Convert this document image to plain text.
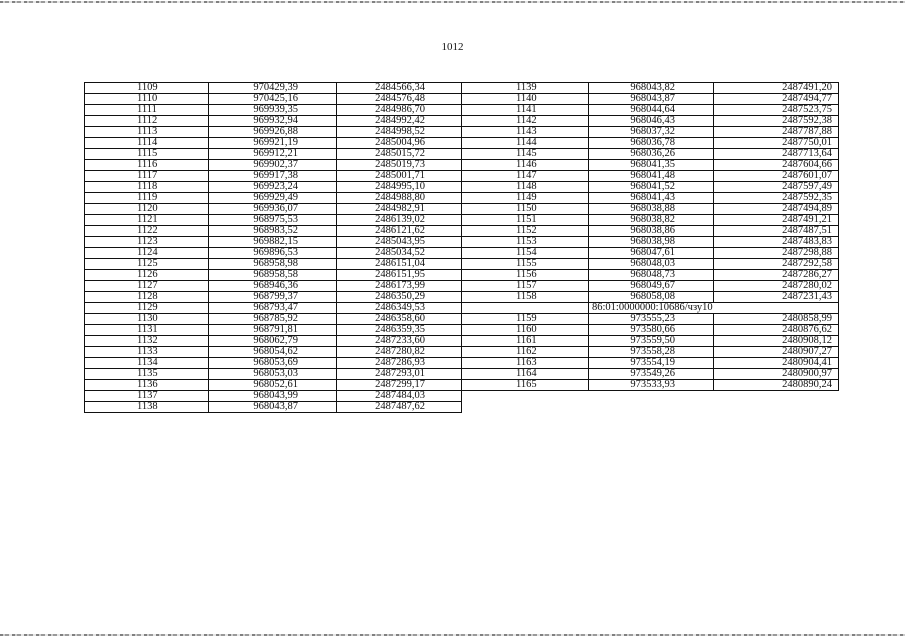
1012
1109	970429,39	2484566,34	1139	968043,82	2487491,20
1110	970425,16	2484576,48	1140	968043,87	2487494,77
1111	969939,35	2484986,70	1141	968044,64	2487523,75
1112	969932,94	2484992,42	1142	968046,43	2487592,38
1113	969926,88	2484998,52	1143	968037,32	2487787,88
1114	969921,19	2485004,96	1144	968036,78	2487750,01
1115	969912,21	2485015,72	1145	968036,26	2487713,64
1116	969902,37	2485019,73	1146	968041,35	2487604,66
1117	969917,38	2485001,71	1147	968041,48	2487601,07
1118	969923,24	2484995,10	1148	968041,52	2487597,49
1119	969929,49	2484988,80	1149	968041,43	2487592,35
1120	969936,07	2484982,91	1150	968038,88	2487494,89
1121	968975,53	2486139,02	1151	968038,82	2487491,21
1122	968983,52	2486121,62	1152	968038,86	2487487,51
1123	969882,15	2485043,95	1153	968038,98	2487483,83
1124	969896,53	2485034,52	1154	968047,61	2487298,88
1125	968958,98	2486151,04	1155	968048,03	2487292,58
1126	968958,58	2486151,95	1156	968048,73	2487286,27
1127	968946,36	2486173,99	1157	968049,67	2487280,02
1128	968799,37	2486350,29	1158	968058,08	2487231,43
1129	968793,47	2486349,53		86:01:0000000:10686/чзу10	
1130	968785,92	2486358,60	1159	973555,23	2480858,99
1131	968791,81	2486359,35	1160	973580,66	2480876,62
1132	968062,79	2487233,60	1161	973559,50	2480908,12
1133	968054,62	2487280,82	1162	973558,28	2480907,27
1134	968053,69	2487286,93	1163	973554,19	2480904,41
1135	968053,03	2487293,01	1164	973549,26	2480900,97
1136	968052,61	2487299,17	1165	973533,93	2480890,24
1137	968043,99	2487484,03			
1138	968043,87	2487487,62			
